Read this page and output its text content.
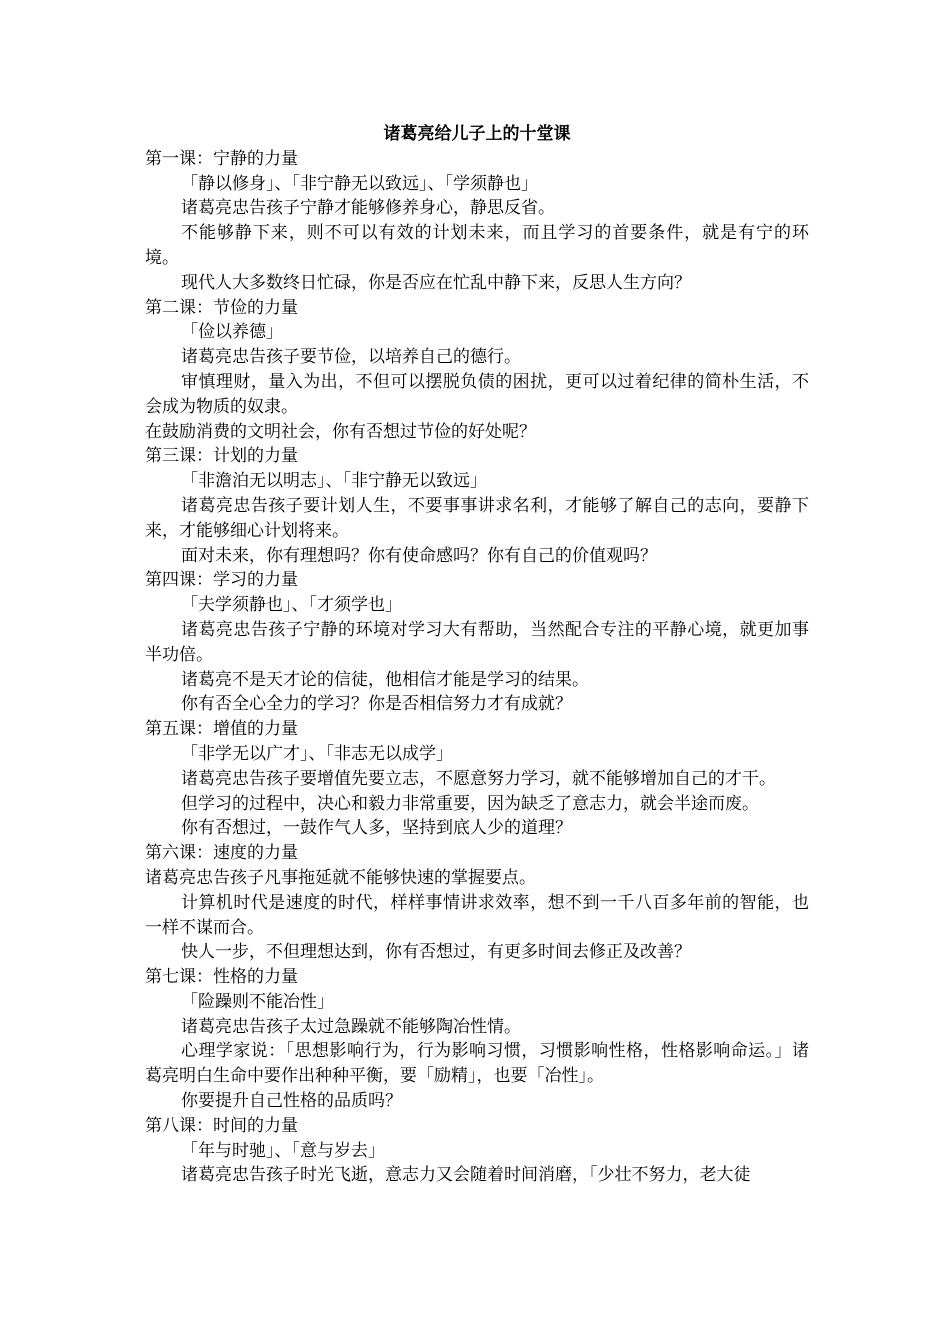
诸葛亮给儿子上的十堂课
第一课：宁静的力量

「静以修身」、「非宁静无以致远」、「学须静也」

诸葛亮忠告孩子宁静才能够修养身心，静思反省。

不能够静下来，则不可以有效的计划未来，而且学习的首要条件，就是有宁的环境。

现代人大多数终日忙碌，你是否应在忙乱中静下来，反思人生方向？

第二课：节俭的力量

「俭以养德」

诸葛亮忠告孩子要节俭，以培养自己的德行。

审慎理财，量入为出，不但可以摆脱负债的困扰，更可以过着纪律的简朴生活，不会成为物质的奴隶。

在鼓励消费的文明社会，你有否想过节俭的好处呢？

第三课：计划的力量

「非澹泊无以明志」、「非宁静无以致远」

诸葛亮忠告孩子要计划人生，不要事事讲求名利，才能够了解自己的志向，要静下来，才能够细心计划将来。

面对未来，你有理想吗？你有使命感吗？你有自己的价值观吗？

第四课：学习的力量

「夫学须静也」、「才须学也」

诸葛亮忠告孩子宁静的环境对学习大有帮助，当然配合专注的平静心境，就更加事半功倍。

诸葛亮不是天才论的信徒，他相信才能是学习的结果。

你有否全心全力的学习？你是否相信努力才有成就？

第五课：增值的力量

「非学无以广才」、「非志无以成学」

诸葛亮忠告孩子要增值先要立志，不愿意努力学习，就不能够增加自己的才干。

但学习的过程中，决心和毅力非常重要，因为缺乏了意志力，就会半途而废。

你有否想过，一鼓作气人多，坚持到底人少的道理？

第六课：速度的力量

诸葛亮忠告孩子凡事拖延就不能够快速的掌握要点。

计算机时代是速度的时代，样样事情讲求效率，想不到一千八百多年前的智能，也一样不谋而合。

快人一步，不但理想达到，你有否想过，有更多时间去修正及改善？

第七课：性格的力量

「险躁则不能冶性」

诸葛亮忠告孩子太过急躁就不能够陶冶性情。

心理学家说：「思想影响行为，行为影响习惯，习惯影响性格，性格影响命运。」诸葛亮明白生命中要作出种种平衡，要「励精」，也要「冶性」。

你要提升自己性格的品质吗？

第八课：时间的力量

「年与时驰」、「意与岁去」

诸葛亮忠告孩子时光飞逝，意志力又会随着时间消磨，「少壮不努力，老大徒
